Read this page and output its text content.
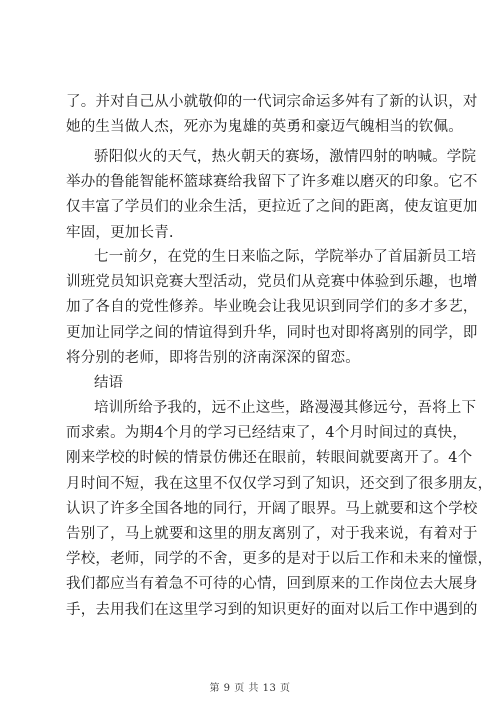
了。并对自己从小就敬仰的一代词宗命运多舛有了新的认识，对
她的生当做人杰，死亦为鬼雄的英勇和豪迈气魄相当的钦佩。

骄阳似火的天气，热火朝天的赛场，激情四射的呐喊。学院
举办的鲁能智能杯篮球赛给我留下了许多难以磨灭的印象。它不
仅丰富了学员们的业余生活，更拉近了之间的距离，使友谊更加
牢固，更加长青.

七一前夕，在党的生日来临之际，学院举办了首届新员工培
训班党员知识竞赛大型活动，党员们从竞赛中体验到乐趣，也增
加了各自的党性修养。毕业晚会让我见识到同学们的多才多艺，
更加让同学之间的情谊得到升华，同时也对即将离别的同学，即
将分别的老师，即将告别的济南深深的留恋。

结语

培训所给予我的，远不止这些，路漫漫其修远兮，吾将上下
而求索。为期4个月的学习已经结束了，4个月时间过的真快，
刚来学校的时候的情景仿佛还在眼前，转眼间就要离开了。4个
月时间不短，我在这里不仅仅学习到了知识，还交到了很多朋友，
认识了许多全国各地的同行，开阔了眼界。马上就要和这个学校
告别了，马上就要和这里的朋友离别了，对于我来说，有着对于
学校，老师，同学的不舍，更多的是对于以后工作和未来的憧憬，
我们都应当有着急不可待的心情，回到原来的工作岗位去大展身
手，去用我们在这里学习到的知识更好的面对以后工作中遇到的

第 9 页 共 13 页
